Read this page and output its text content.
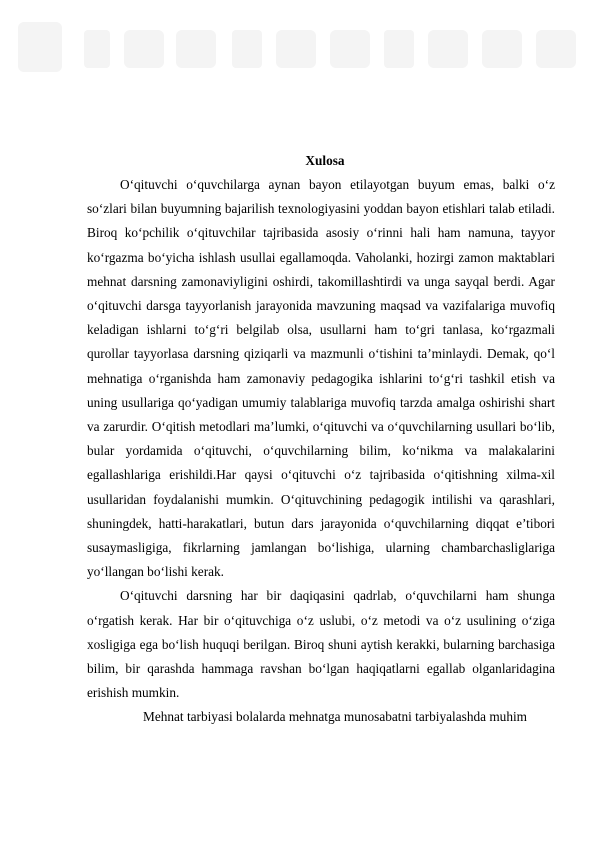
Xulosa

O‘qituvchi o‘quvchilarga aynan bayon etilayotgan buyum emas, balki o‘z so‘zlari bilan buyumning bajarilish texnologiyasini yoddan bayon etishlari talab etiladi. Biroq ko‘pchilik o‘qituvchilar tajribasida asosiy o‘rinni hali ham namuna, tayyor ko‘rgazma bo‘yicha ishlash usullai egallamoqda. Vaholanki, hozirgi zamon maktablari mehnat darsning zamonaviyligini oshirdi, takomillashtirdi va unga sayqal berdi. Agar o‘qituvchi darsga tayyorlanish jarayonida mavzuning maqsad va vazifalariga muvofiq keladigan ishlarni to‘g‘ri belgilab olsa, usullarni ham to‘gri tanlasa, ko‘rgazmali qurollar tayyorlasa darsning qiziqarli va mazmunli o‘tishini ta’minlaydi. Demak, qo‘l mehnatiga o‘rganishda ham zamonaviy pedagogika ishlarini to‘g‘ri tashkil etish va uning usullariga qo‘yadigan umumiy talablariga muvofiq tarzda amalga oshirishi shart va zarurdir. O‘qitish metodlari ma’lumki, o‘qituvchi va o‘quvchilarning usullari bo‘lib, bular yordamida o‘qituvchi, o‘quvchilarning bilim, ko‘nikma va malakalarini egallashlariga erishildi.Har qaysi o‘qituvchi o‘z tajribasida o‘qitishning xilma-xil usullaridan foydalanishi mumkin. O‘qituvchining pedagogik intilishi va qarashlari, shuningdek, hatti-harakatlari, butun dars jarayonida o‘quvchilarning diqqat e’tibori susaymasligiga, fikrlarning jamlangan bo‘lishiga, ularning chambarchasliglariga yo‘llangan bo‘lishi kerak.

O‘qituvchi darsning har bir daqiqasini qadrlab, o‘quvchilarni ham shunga o‘rgatish kerak. Har bir o‘qituvchiga o‘z uslubi, o‘z metodi va o‘z usulining o‘ziga xosligiga ega bo‘lish huquqi berilgan. Biroq shuni aytish kerakki, bularning barchasiga bilim, bir qarashda hammaga ravshan bo‘lgan haqiqatlarni egallab olganlaridagina erishish mumkin.

Mehnat tarbiyasi bolalarda mehnatga munosabatni tarbiyalashda muhim
